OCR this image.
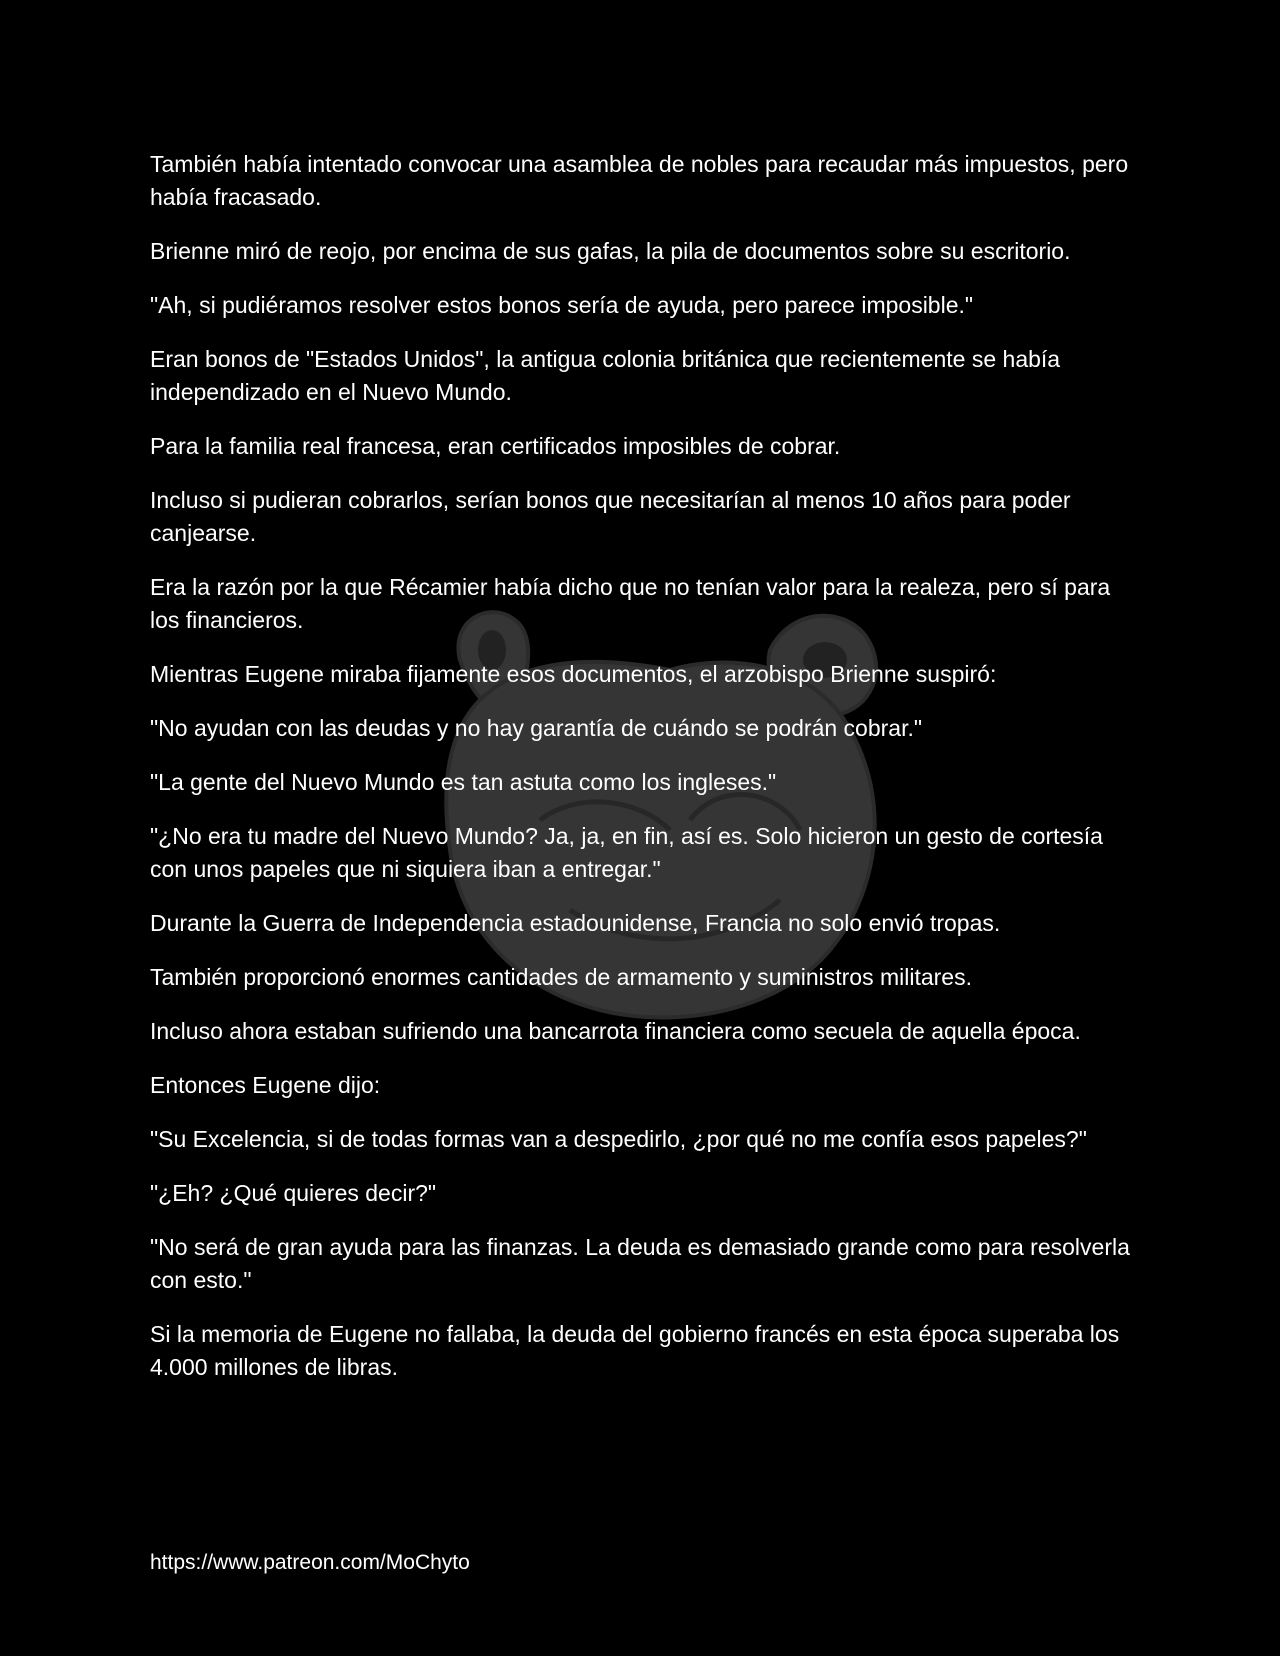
También había intentado convocar una asamblea de nobles para recaudar más impuestos, pero había fracasado.

Brienne miró de reojo, por encima de sus gafas, la pila de documentos sobre su escritorio.

"Ah, si pudiéramos resolver estos bonos sería de ayuda, pero parece imposible."

Eran bonos de "Estados Unidos", la antigua colonia británica que recientemente se había independizado en el Nuevo Mundo.

Para la familia real francesa, eran certificados imposibles de cobrar.

Incluso si pudieran cobrarlos, serían bonos que necesitarían al menos 10 años para poder canjearse.

Era la razón por la que Récamier había dicho que no tenían valor para la realeza, pero sí para los financieros.

Mientras Eugene miraba fijamente esos documentos, el arzobispo Brienne suspiró:

"No ayudan con las deudas y no hay garantía de cuándo se podrán cobrar."

"La gente del Nuevo Mundo es tan astuta como los ingleses."

"¿No era tu madre del Nuevo Mundo? Ja, ja, en fin, así es. Solo hicieron un gesto de cortesía con unos papeles que ni siquiera iban a entregar."

Durante la Guerra de Independencia estadounidense, Francia no solo envió tropas.

También proporcionó enormes cantidades de armamento y suministros militares.

Incluso ahora estaban sufriendo una bancarrota financiera como secuela de aquella época.

Entonces Eugene dijo:

"Su Excelencia, si de todas formas van a despedirlo, ¿por qué no me confía esos papeles?"

"¿Eh? ¿Qué quieres decir?"

"No será de gran ayuda para las finanzas. La deuda es demasiado grande como para resolverla con esto."

Si la memoria de Eugene no fallaba, la deuda del gobierno francés en esta época superaba los 4.000 millones de libras.

https://www.patreon.com/MoChyto
